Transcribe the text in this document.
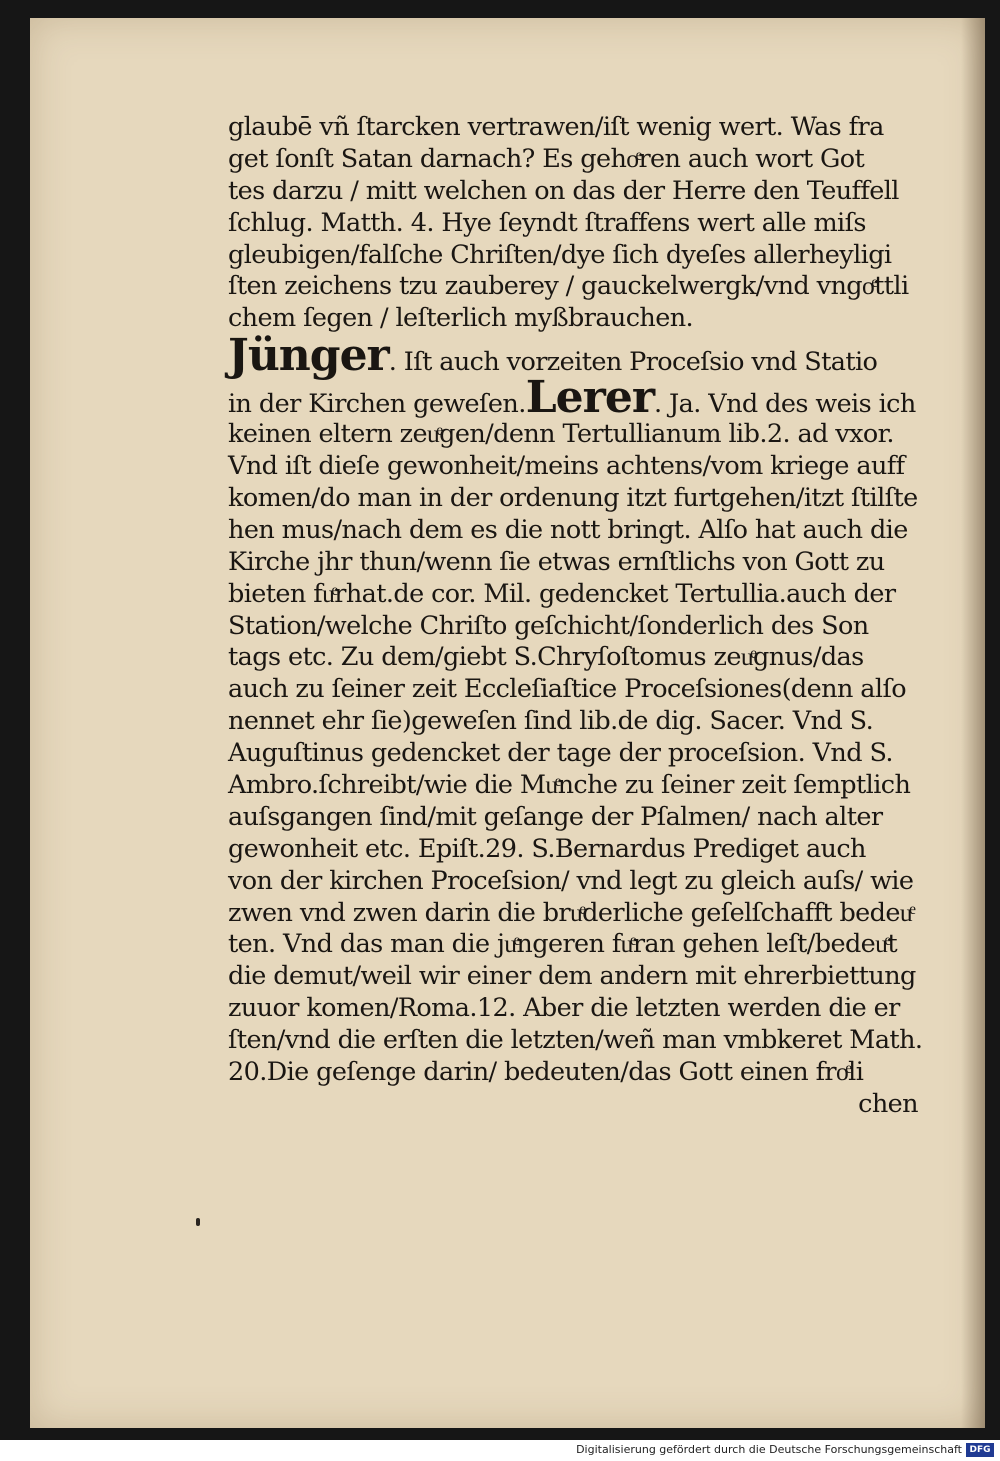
glaubē vñ ſtarcken vertrawen/iſt wenig wert. Was fra
get ſonſt Satan darnach? Es gehoͤren auch wort Got
tes darzu / mitt welchen on das der Herre den Teuffell
ſchlug. Matth. 4. Hye ſeyndt ſtraffens wert alle miſs
gleubigen/falſche Chriſten/dye ſich dyeſes allerheyligi
ſten zeichens tzu zauberey / gauckelwergk/vnd vngoͤttli
chem ſegen / leſterlich myßbrauchen.
Jünger. Iſt auch vorzeiten Proceſsio vnd Statio
in der Kirchen geweſen.Lerer. Ja. Vnd des weis ich
keinen eltern zeuͤgen/denn Tertullianum lib.2. ad vxor.
Vnd iſt dieſe gewonheit/meins achtens/vom kriege auff
komen/do man in der ordenung itzt furtgehen/itzt ſtilſte
hen mus/nach dem es die nott bringt. Alſo hat auch die
Kirche jhr thun/wenn ſie etwas ernſtlichs von Gott zu
bieten fuͤrhat.de cor. Mil. gedencket Tertullia.auch der
Station/welche Chriſto geſchicht/ſonderlich des Son
tags etc. Zu dem/giebt S.Chryſoſtomus zeuͤgnus/das
auch zu ſeiner zeit Eccleſiaſtice Proceſsiones(denn alſo
nennet ehr ſie)geweſen ſind lib.de dig. Sacer. Vnd S.
Auguſtinus gedencket der tage der proceſsion. Vnd S.
Ambro.ſchreibt/wie die Muͤnche zu ſeiner zeit ſemptlich
auſsgangen ſind/mit geſange der Pſalmen/ nach alter
gewonheit etc. Epiſt.29. S.Bernardus Prediget auch
von der kirchen Proceſsion/ vnd legt zu gleich auſs/ wie
zwen vnd zwen darin die bruͤderliche geſelſchafft bedeuͤ
ten. Vnd das man die juͤngeren fuͤran gehen leſt/bedeuͤt
die demut/weil wir einer dem andern mit ehrerbiettung
zuuor komen/Roma.12. Aber die letzten werden die er
ſten/vnd die erſten die letzten/weñ man vmbkeret Math.
20.Die geſenge darin/ bedeuten/das Gott einen froͤli
chen
Digitalisierung gefördert durch die Deutsche Forschungsgemeinschaft DFG
